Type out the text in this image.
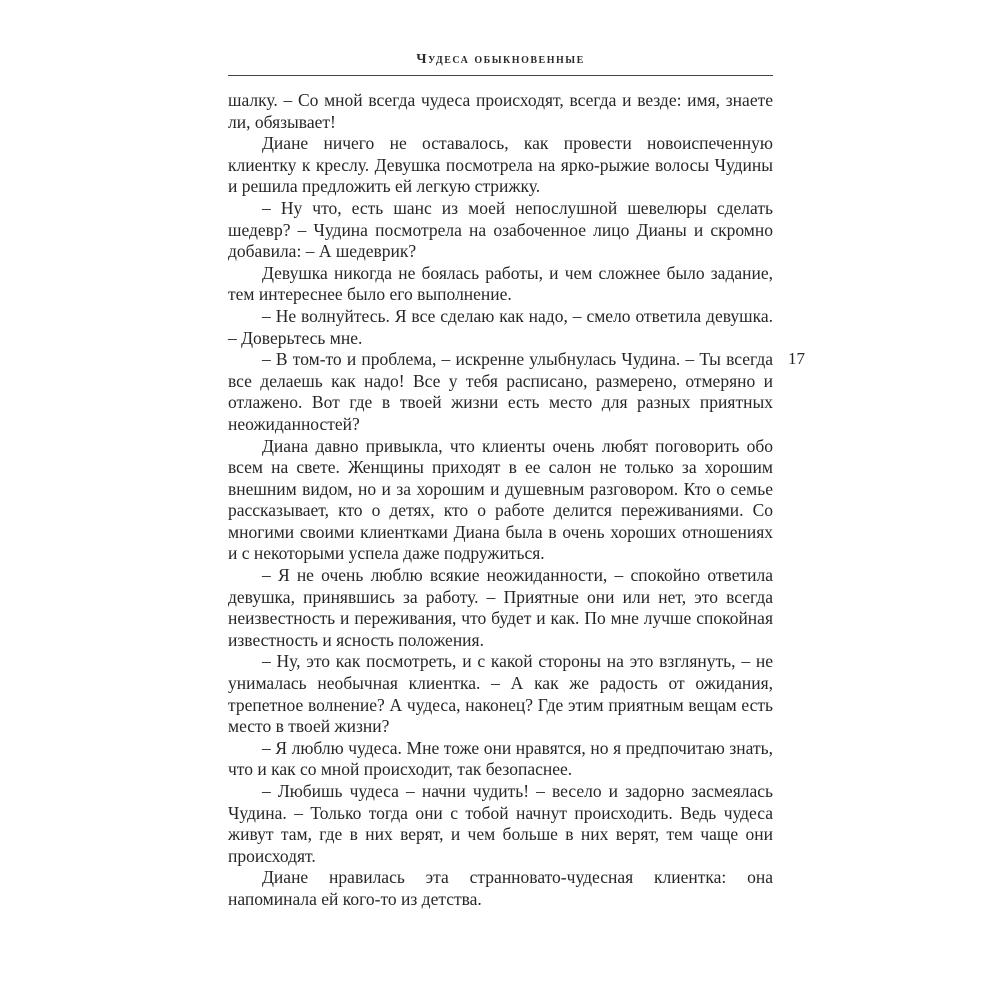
Чудеса обыкновенные
17

шалку. – Со мной всегда чудеса происходят, всегда и везде: имя, знаете ли, обязывает!

Диане ничего не оставалось, как провести новоиспеченную клиентку к креслу. Девушка посмотрела на ярко-рыжие волосы Чудины и решила предложить ей легкую стрижку.

– Ну что, есть шанс из моей непослушной шевелюры сделать шедевр? – Чудина посмотрела на озабоченное лицо Дианы и скромно добавила: – А шедеврик?

Девушка никогда не боялась работы, и чем сложнее было задание, тем интереснее было его выполнение.

– Не волнуйтесь. Я все сделаю как надо, – смело ответила девушка. – Доверьтесь мне.

– В том-то и проблема, – искренне улыбнулась Чудина. – Ты всегда все делаешь как надо! Все у тебя расписано, размерено, отмеряно и отлажено. Вот где в твоей жизни есть место для разных приятных неожиданностей?

Диана давно привыкла, что клиенты очень любят поговорить обо всем на свете. Женщины приходят в ее салон не только за хорошим внешним видом, но и за хорошим и душевным разговором. Кто о семье рассказывает, кто о детях, кто о работе делится переживаниями. Со многими своими клиентками Диана была в очень хороших отношениях и с некоторыми успела даже подружиться.

– Я не очень люблю всякие неожиданности, – спокойно ответила девушка, принявшись за работу. – Приятные они или нет, это всегда неизвестность и переживания, что будет и как. По мне лучше спокойная известность и ясность положения.

– Ну, это как посмотреть, и с какой стороны на это взглянуть, – не унималась необычная клиентка. – А как же радость от ожидания, трепетное волнение? А чудеса, наконец? Где этим приятным вещам есть место в твоей жизни?

– Я люблю чудеса. Мне тоже они нравятся, но я предпочитаю знать, что и как со мной происходит, так безопаснее.

– Любишь чудеса – начни чудить! – весело и задорно засмеялась Чудина. – Только тогда они с тобой начнут происходить. Ведь чудеса живут там, где в них верят, и чем больше в них верят, тем чаще они происходят.

Диане нравилась эта странновато-чудесная клиентка: она напоминала ей кого-то из детства.
